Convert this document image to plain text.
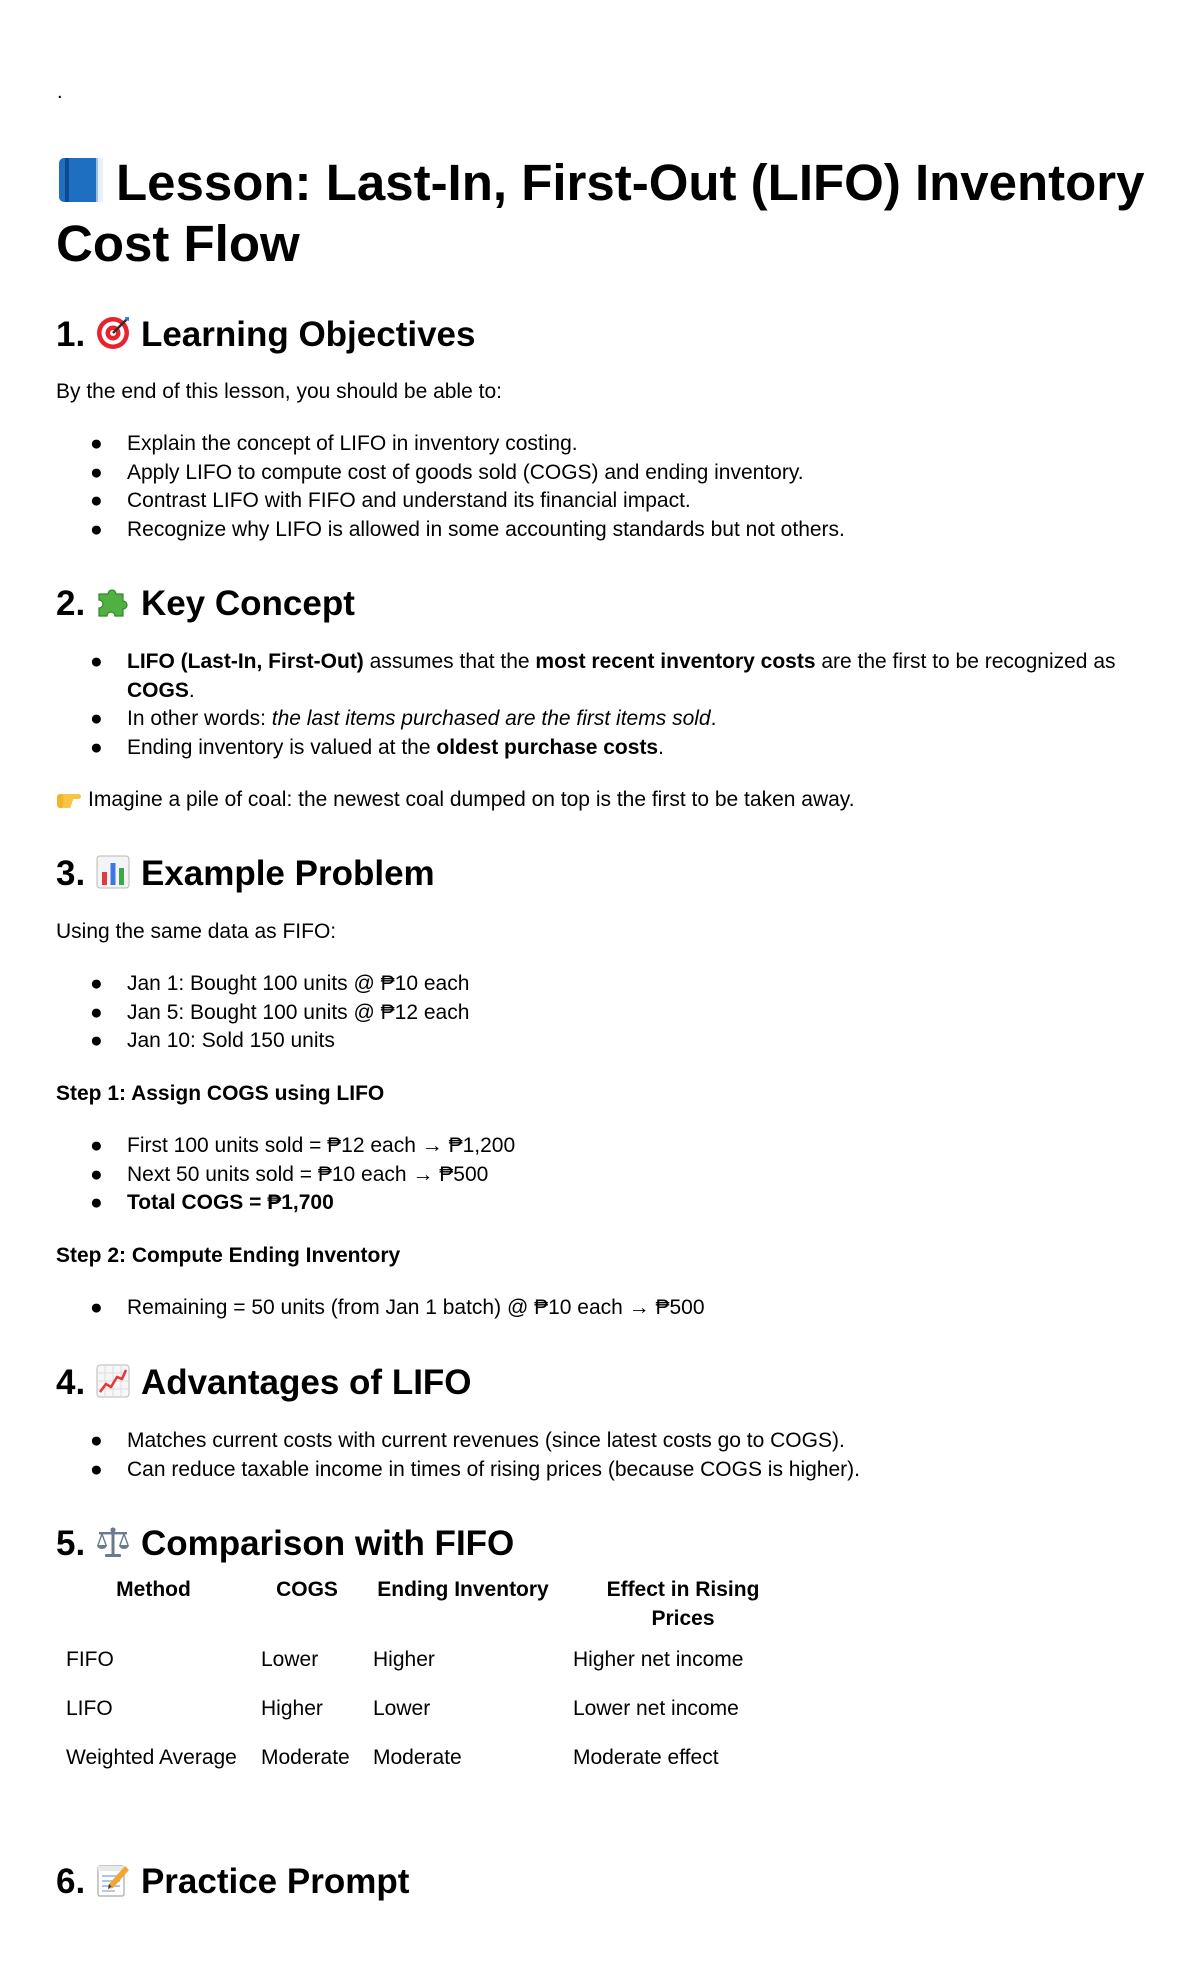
.
Lesson: Last-In, First-Out (LIFO) Inventory Cost Flow
1. Learning Objectives

By the end of this lesson, you should be able to:

● Explain the concept of LIFO in inventory costing.
● Apply LIFO to compute cost of goods sold (COGS) and ending inventory.
● Contrast LIFO with FIFO and understand its financial impact.
● Recognize why LIFO is allowed in some accounting standards but not others.
2. Key Concept
● LIFO (Last-In, First-Out) assumes that the most recent inventory costs are the first to be recognized as COGS.
● In other words: the last items purchased are the first items sold.
● Ending inventory is valued at the oldest purchase costs.

Imagine a pile of coal: the newest coal dumped on top is the first to be taken away.

3. Example Problem

Using the same data as FIFO:

● Jan 1: Bought 100 units @ ₱10 each
● Jan 5: Bought 100 units @ ₱12 each
● Jan 10: Sold 150 units

Step 1: Assign COGS using LIFO

● First 100 units sold = ₱12 each → ₱1,200
● Next 50 units sold = ₱10 each → ₱500
● Total COGS = ₱1,700

Step 2: Compute Ending Inventory

● Remaining = 50 units (from Jan 1 batch) @ ₱10 each → ₱500
4. Advantages of LIFO
● Matches current costs with current revenues (since latest costs go to COGS).
● Can reduce taxable income in times of rising prices (because COGS is higher).
5. Comparison with FIFO
Method	COGS	Ending Inventory	Effect in Rising Prices
FIFO	Lower	Higher	Higher net income
LIFO	Higher	Lower	Lower net income
Weighted Average	Moderate	Moderate	Moderate effect
6. Practice Prompt
